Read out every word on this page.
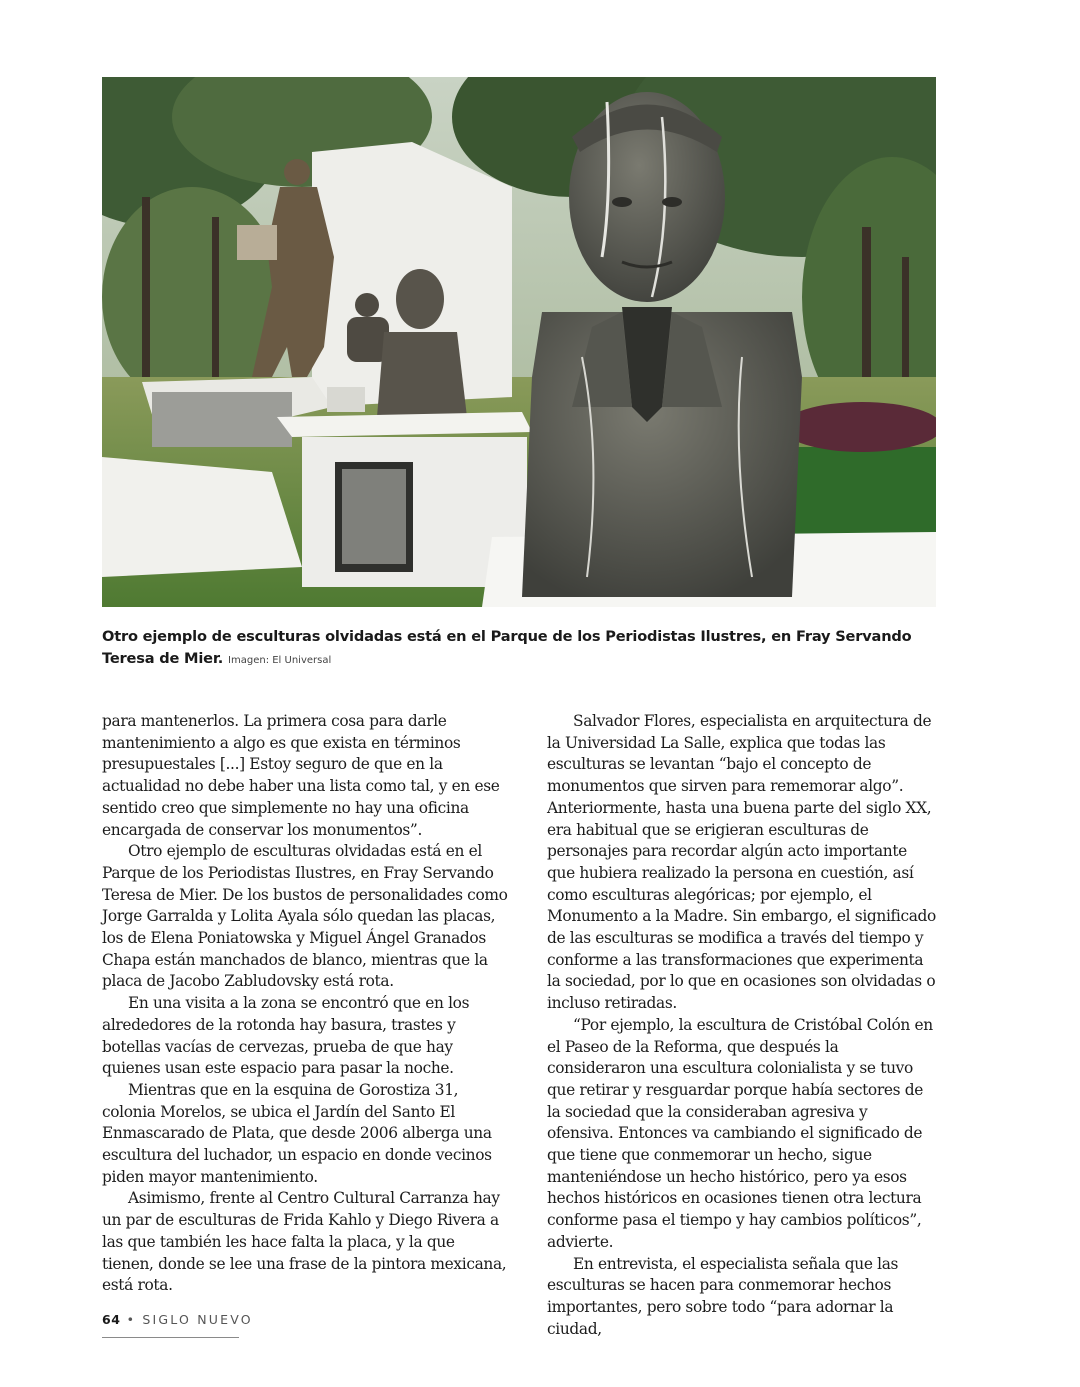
Otro ejemplo de esculturas olvidadas está en el Parque de los Periodistas Ilustres, en Fray Servando Teresa de Mier. Imagen: El Universal

para mantenerlos. La primera cosa para darle mantenimiento a algo es que exista en términos presupuestales [...] Estoy seguro de que en la actualidad no debe haber una lista como tal, y en ese sentido creo que simplemente no hay una oficina encargada de conservar los monumentos”.

Otro ejemplo de esculturas olvidadas está en el Parque de los Periodistas Ilustres, en Fray Servando Teresa de Mier. De los bustos de personalidades como Jorge Garralda y Lolita Ayala sólo quedan las placas, los de Elena Poniatowska y Miguel Ángel Granados Chapa están manchados de blanco, mientras que la placa de Jacobo Zabludovsky está rota.

En una visita a la zona se encontró que en los alrededores de la rotonda hay basura, trastes y botellas vacías de cervezas, prueba de que hay quienes usan este espacio para pasar la noche.

Mientras que en la esquina de Gorostiza 31, colonia Morelos, se ubica el Jardín del Santo El Enmascarado de Plata, que desde 2006 alberga una escultura del luchador, un espacio en donde vecinos piden mayor mantenimiento.

Asimismo, frente al Centro Cultural Carranza hay un par de esculturas de Frida Kahlo y Diego Rivera a las que también les hace falta la placa, y la que tienen, donde se lee una frase de la pintora mexicana, está rota.

Salvador Flores, especialista en arquitectura de la Universidad La Salle, explica que todas las esculturas se levantan “bajo el concepto de monumentos que sirven para rememorar algo”. Anteriormente, hasta una buena parte del siglo XX, era habitual que se erigieran esculturas de personajes para recordar algún acto importante que hubiera realizado la persona en cuestión, así como esculturas alegóricas; por ejemplo, el Monumento a la Madre. Sin embargo, el significado de las esculturas se modifica a través del tiempo y conforme a las transformaciones que experimenta la sociedad, por lo que en ocasiones son olvidadas o incluso retiradas.

“Por ejemplo, la escultura de Cristóbal Colón en el Paseo de la Reforma, que después la consideraron una escultura colonialista y se tuvo que retirar y resguardar porque había sectores de la sociedad que la consideraban agresiva y ofensiva. Entonces va cambiando el significado de que tiene que conmemorar un hecho, sigue manteniéndose un hecho histórico, pero ya esos hechos históricos en ocasiones tienen otra lectura conforme pasa el tiempo y hay cambios políticos”, advierte.

En entrevista, el especialista señala que las esculturas se hacen para conmemorar hechos importantes, pero sobre todo “para adornar la ciudad,

64 • SIGLO NUEVO
